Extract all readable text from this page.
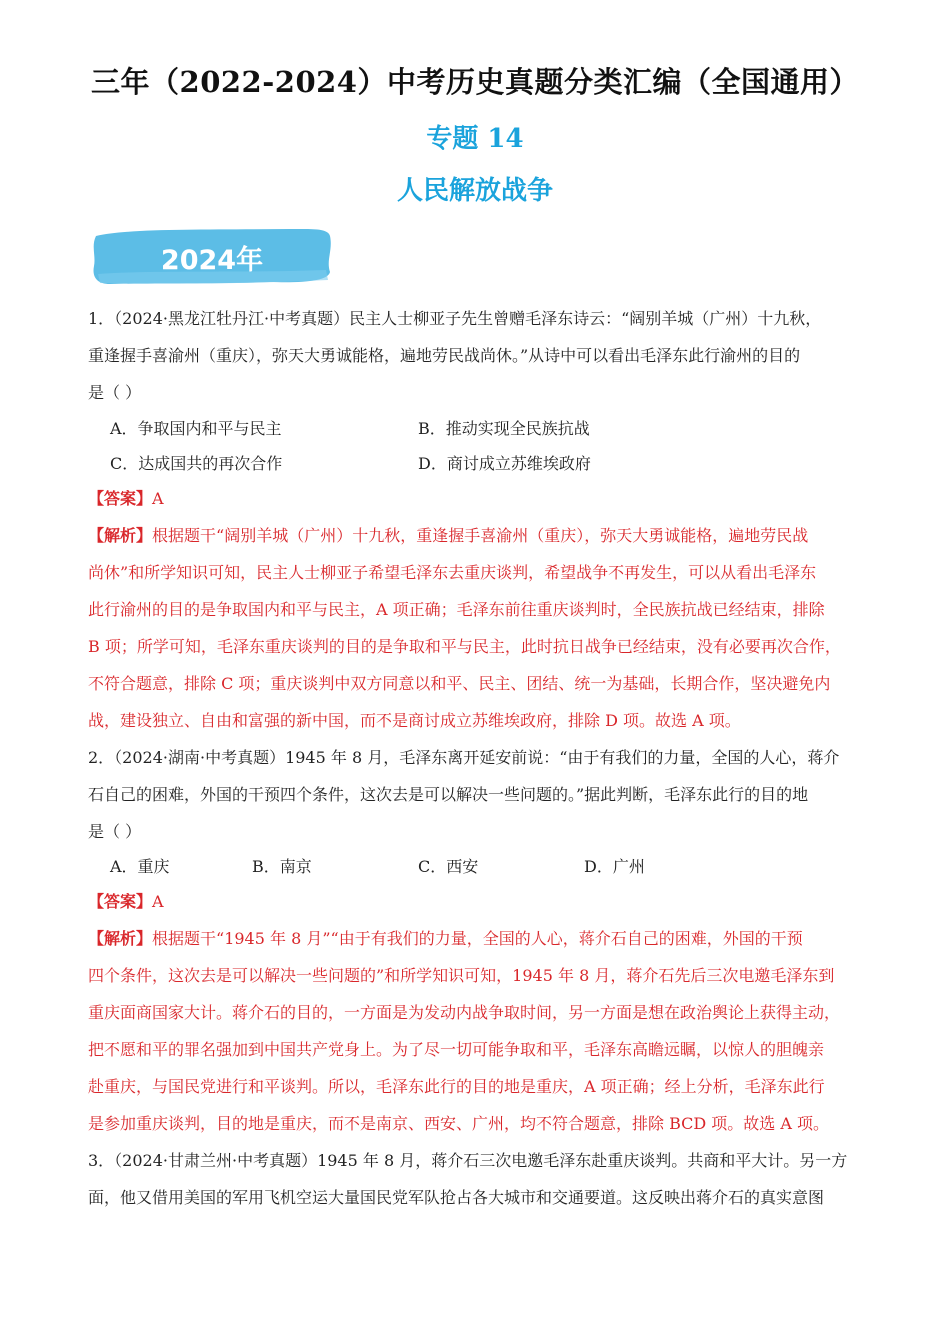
三年（2022-2024）中考历史真题分类汇编（全国通用）
专题 14
人民解放战争
2024年
1．（2024·黑龙江牡丹江·中考真题）民主人士柳亚子先生曾赠毛泽东诗云：“阔别羊城（广州）十九秋，
重逢握手喜渝州（重庆），弥天大勇诚能格，遍地劳民战尚休。”从诗中可以看出毛泽东此行渝州的目的
是（ ）
A．争取国内和平与民主	B．推动实现全民族抗战
C．达成国共的再次合作	D．商讨成立苏维埃政府
【答案】A
【解析】根据题干“阔别羊城（广州）十九秋，重逢握手喜渝州（重庆），弥天大勇诚能格，遍地劳民战
尚休”和所学知识可知，民主人士柳亚子希望毛泽东去重庆谈判，希望战争不再发生，可以从看出毛泽东
此行渝州的目的是争取国内和平与民主，A 项正确；毛泽东前往重庆谈判时，全民族抗战已经结束，排除
B 项；所学可知，毛泽东重庆谈判的目的是争取和平与民主，此时抗日战争已经结束，没有必要再次合作，
不符合题意，排除 C 项；重庆谈判中双方同意以和平、民主、团结、统一为基础，长期合作，坚决避免内
战，建设独立、自由和富强的新中国，而不是商讨成立苏维埃政府，排除 D 项。故选 A 项。
2．（2024·湖南·中考真题）1945 年 8 月，毛泽东离开延安前说：“由于有我们的力量，全国的人心，蒋介
石自己的困难，外国的干预四个条件，这次去是可以解决一些问题的。”据此判断，毛泽东此行的目的地
是（ ）
A．重庆	B．南京	C．西安	D．广州
【答案】A
【解析】根据题干“1945 年 8 月”“由于有我们的力量，全国的人心，蒋介石自己的困难，外国的干预
四个条件，这次去是可以解决一些问题的”和所学知识可知，1945 年 8 月，蒋介石先后三次电邀毛泽东到
重庆面商国家大计。蒋介石的目的，一方面是为发动内战争取时间，另一方面是想在政治舆论上获得主动，
把不愿和平的罪名强加到中国共产党身上。为了尽一切可能争取和平，毛泽东高瞻远瞩，以惊人的胆魄亲
赴重庆，与国民党进行和平谈判。所以，毛泽东此行的目的地是重庆，A 项正确；经上分析，毛泽东此行
是参加重庆谈判，目的地是重庆，而不是南京、西安、广州，均不符合题意，排除 BCD 项。故选 A 项。
3．（2024·甘肃兰州·中考真题）1945 年 8 月，蒋介石三次电邀毛泽东赴重庆谈判。共商和平大计。另一方
面，他又借用美国的军用飞机空运大量国民党军队抢占各大城市和交通要道。这反映出蒋介石的真实意图
